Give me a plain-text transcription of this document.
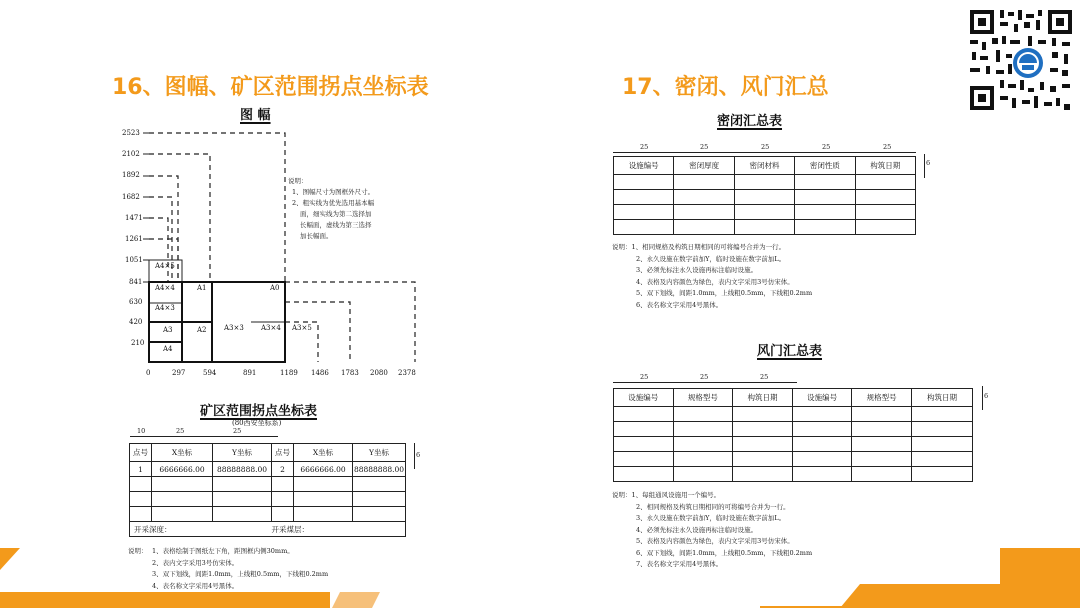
16、图幅、矿区范围拐点坐标表
图 幅
2523
2102
1892
1682
1471
1261
1051
841
630
420
210
0	297	594	891	1189 1486 1783 2080 2378
A4×5
A4×4	A1	A0
A4×3
A3	A2 A3×3 A3×4 A3×5
A4
说明：
1、图幅尺寸为图框外尺寸。
2、粗实线为优先选用基本幅
面，细实线为第二选择加
长幅面，虚线为第三选择
加长幅面。
矿区范围拐点坐标表
(80西安坐标系)
10	25	25
6
点号	X坐标	Y坐标	点号	X坐标	Y坐标
1	6666666.00	88888888.00	2	6666666.00	88888888.00

开采深度：			开采煤层：		
说明： 1、表格绘制于图纸左下角，距图框内侧30mm。
2、表内文字采用3号仿宋体。
3、双下划线，间距1.0mm，上线粗0.5mm，下线粗0.2mm
4、表名称文字采用4号黑体。
17、密闭、风门汇总
密闭汇总表
25	25	25	25	25
6
设施编号	密闭厚度	密闭材料	密闭性质	构筑日期

说明：1、相同规格及构筑日期相同的可将编号合并为一行。
2、永久设施在数字前加Y，临时设施在数字前加L。
3、必须先标注永久设施再标注临时设施。
4、表格及内容颜色为绿色，表内文字采用3号仿宋体。
5、双下划线，间距1.0mm，上线粗0.5mm，下线粗0.2mm
6、表名称文字采用4号黑体。
风门汇总表
25	25	25
6
设施编号	规格型号	构筑日期	设施编号	规格型号	构筑日期

说明：1、每组通风设施用一个编号。
2、相同规格及构筑日期相同的可将编号合并为一行。
3、永久设施在数字前加Y，临时设施在数字前加L。
4、必须先标注永久设施再标注临时设施。
5、表格及内容颜色为绿色，表内文字采用3号仿宋体。
6、双下划线，间距1.0mm，上线粗0.5mm，下线粗0.2mm
7、表名称文字采用4号黑体。
